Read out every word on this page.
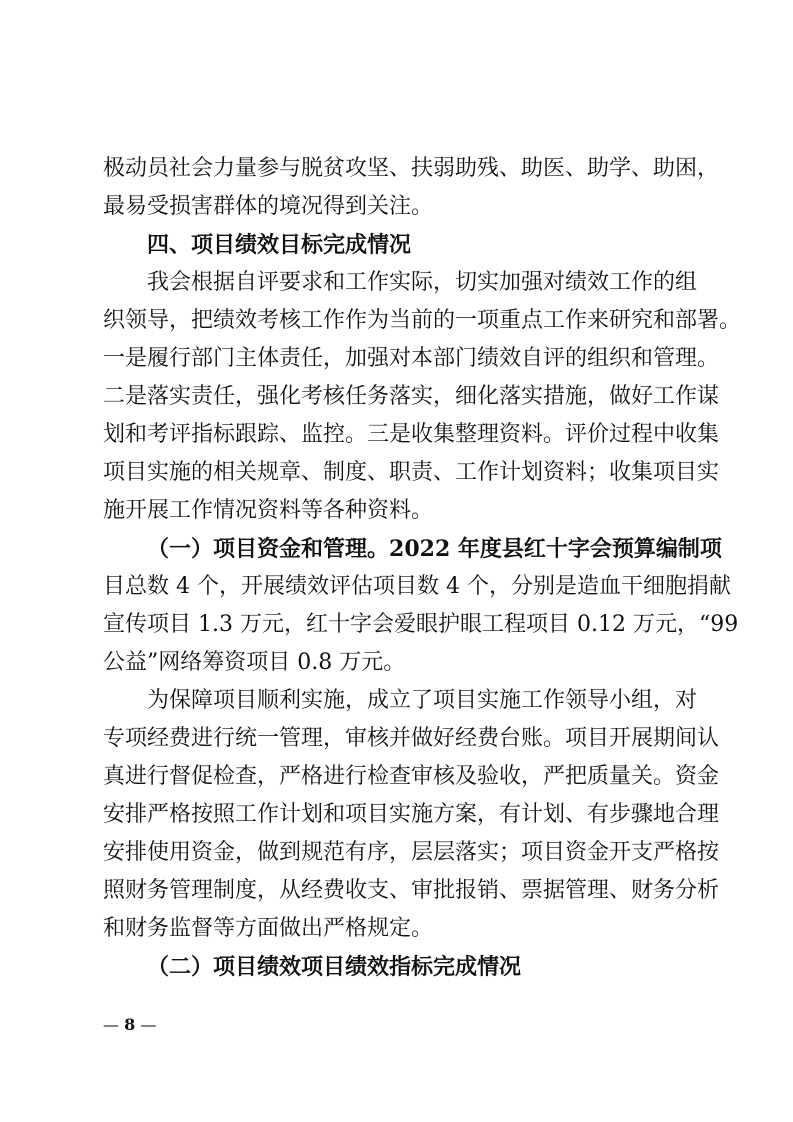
极动员社会力量参与脱贫攻坚、扶弱助残、助医、助学、助困，
最易受损害群体的境况得到关注。
四、项目绩效目标完成情况
我会根据自评要求和工作实际，切实加强对绩效工作的组
织领导，把绩效考核工作作为当前的一项重点工作来研究和部署。
一是履行部门主体责任，加强对本部门绩效自评的组织和管理。
二是落实责任，强化考核任务落实，细化落实措施，做好工作谋
划和考评指标跟踪、监控。三是收集整理资料。评价过程中收集
项目实施的相关规章、制度、职责、工作计划资料；收集项目实
施开展工作情况资料等各种资料。
（一） 项目资金和管理。2022 年度县红十字会预算编制项
目总数 4 个，开展绩效评估项目数 4 个，分别是造血干细胞捐献
宣传项目 1.3 万元，红十字会爱眼护眼工程项目 0.12 万元，“99
公益”网络筹资项目 0.8 万元。
为保障项目顺利实施，成立了项目实施工作领导小组，对
专项经费进行统一管理，审核并做好经费台账。项目开展期间认
真进行督促检查，严格进行检查审核及验收，严把质量关。资金
安排严格按照工作计划和项目实施方案，有计划、有步骤地合理
安排使用资金，做到规范有序，层层落实；项目资金开支严格按
照财务管理制度，从经费收支、审批报销、票据管理、财务分析
和财务监督等方面做出严格规定。
（二）项目绩效项目绩效指标完成情况
— 8 —
